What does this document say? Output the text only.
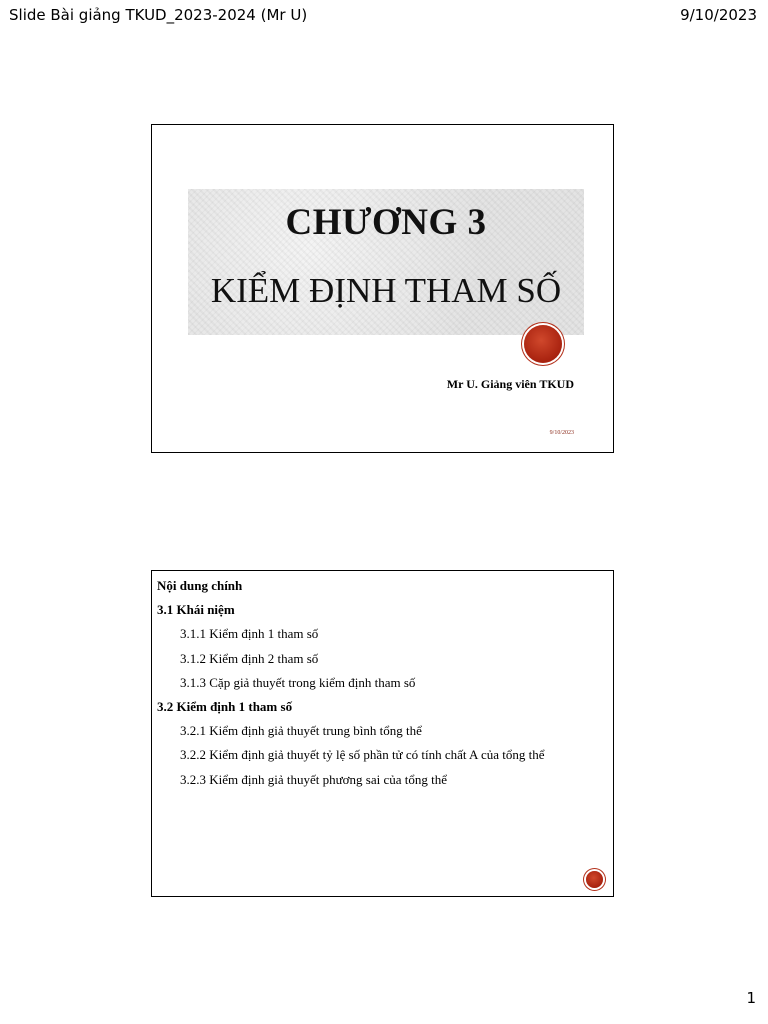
Slide Bài giảng TKUD_2023-2024 (Mr U)	9/10/2023
CHƯƠNG 3
KIỂM ĐỊNH THAM SỐ
Mr U. Giảng viên TKUD
9/10/2023
Nội dung chính
3.1 Khái niệm
3.1.1 Kiểm định 1 tham số
3.1.2 Kiểm định 2 tham số
3.1.3 Cặp giả thuyết trong kiểm định tham số
3.2 Kiểm định 1 tham số
3.2.1 Kiểm định giả thuyết trung bình tổng thể
3.2.2 Kiểm định giả thuyết tỷ lệ số phần tử có tính chất A của tổng thể
3.2.3 Kiểm định giả thuyết phương sai của tổng thể
1
